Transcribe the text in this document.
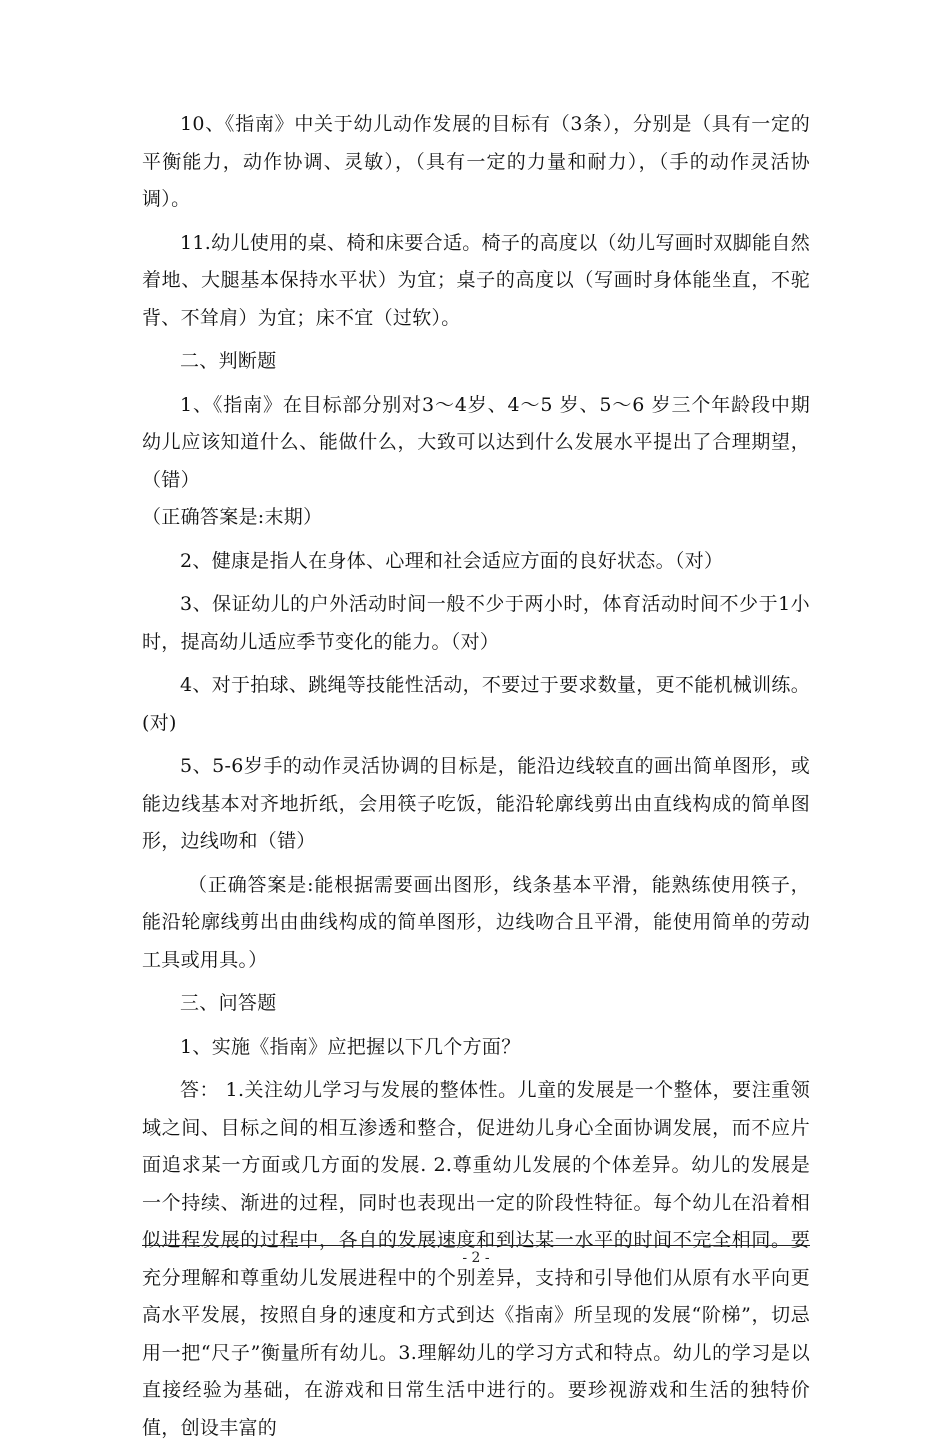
10、《指南》中关于幼儿动作发展的目标有（3条），分别是（具有一定的平衡能力，动作协调、灵敏），（具有一定的力量和耐力），（手的动作灵活协调）。

11.幼儿使用的桌、椅和床要合适。椅子的高度以（幼儿写画时双脚能自然着地、大腿基本保持水平状）为宜；桌子的高度以（写画时身体能坐直，不驼背、不耸肩）为宜；床不宜（过软）。

二、判断题

1、《指南》在目标部分别对3～4岁、4～5 岁、5～6 岁三个年龄段中期幼儿应该知道什么、能做什么，大致可以达到什么发展水平提出了合理期望，（错）

（正确答案是:末期）

2、健康是指人在身体、心理和社会适应方面的良好状态。（对）

3、保证幼儿的户外活动时间一般不少于两小时，体育活动时间不少于1小时，提高幼儿适应季节变化的能力。（对）

4、对于拍球、跳绳等技能性活动，不要过于要求数量，更不能机械训练。(对)

5、5-6岁手的动作灵活协调的目标是，能沿边线较直的画出简单图形，或能边线基本对齐地折纸，会用筷子吃饭，能沿轮廓线剪出由直线构成的简单图形，边线吻和（错）

（正确答案是:能根据需要画出图形，线条基本平滑，能熟练使用筷子，能沿轮廓线剪出由曲线构成的简单图形，边线吻合且平滑，能使用简单的劳动工具或用具。）

三、问答题

1、实施《指南》应把握以下几个方面？

答： 1.关注幼儿学习与发展的整体性。儿童的发展是一个整体，要注重领域之间、目标之间的相互渗透和整合，促进幼儿身心全面协调发展，而不应片面追求某一方面或几方面的发展. 2.尊重幼儿发展的个体差异。幼儿的发展是一个持续、渐进的过程，同时也表现出一定的阶段性特征。每个幼儿在沿着相似进程发展的过程中，各自的发展速度和到达某一水平的时间不完全相同。要充分理解和尊重幼儿发展进程中的个别差异，支持和引导他们从原有水平向更高水平发展，按照自身的速度和方式到达《指南》所呈现的发展“阶梯”，切忌用一把“尺子”衡量所有幼儿。3.理解幼儿的学习方式和特点。幼儿的学习是以直接经验为基础，在游戏和日常生活中进行的。要珍视游戏和生活的独特价值，创设丰富的

- 2 -
